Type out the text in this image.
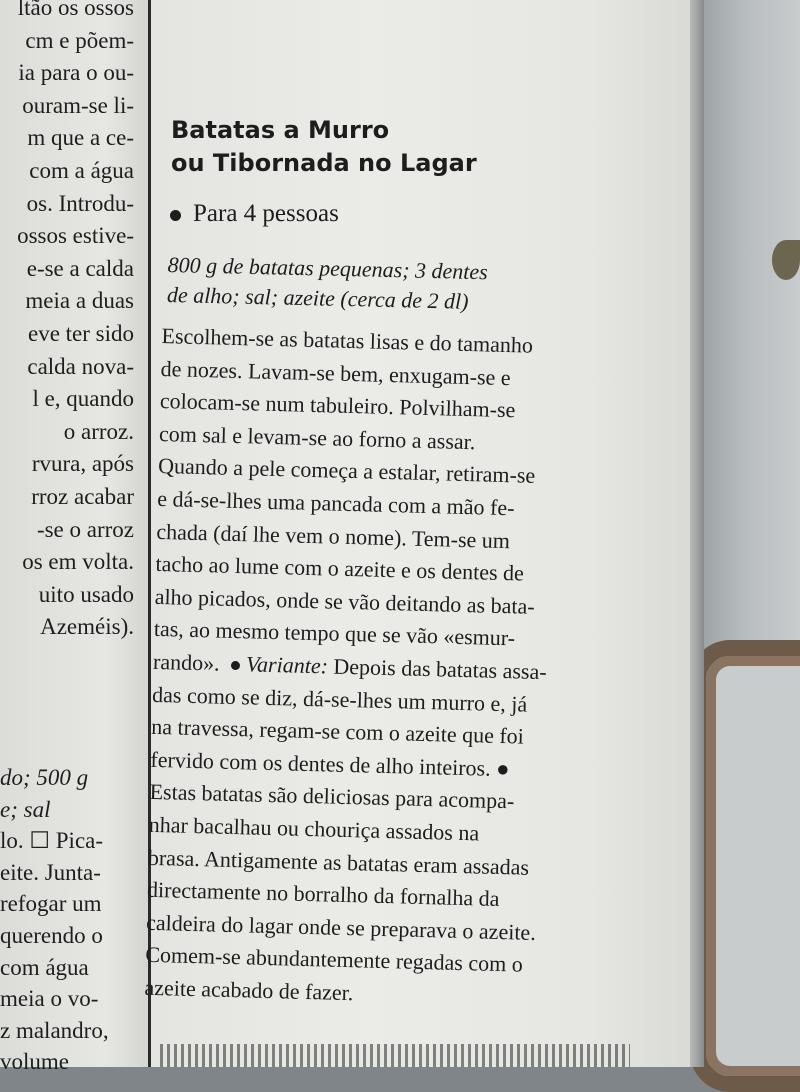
ltão os ossos
cm e põem-
ia para o ou-
ouram-se li-
m que a ce-
com a água
os. Introdu-
ossos estive-
e-se a calda
meia a duas
eve ter sido
calda nova-
l e, quando
o arroz.
rvura, após
rroz acabar
-se o arroz
os em volta.
uito usado
Azeméis).
do; 500 g
e; sal
lo. ☐ Pica-
eite. Junta-
refogar um
querendo o
com água
meia o vo-
z malandro,
volume
Batatas a Murro
ou Tibornada no Lagar
Para 4 pessoas
800 g de batatas pequenas; 3 dentes
de alho; sal; azeite (cerca de 2 dl)
Escolhem-se as batatas lisas e do tamanho
de nozes. Lavam-se bem, enxugam-se e
colocam-se num tabuleiro. Polvilham-se
com sal e levam-se ao forno a assar.
Quando a pele começa a estalar, retiram-se
e dá-se-lhes uma pancada com a mão fe-
chada (daí lhe vem o nome). Tem-se um
tacho ao lume com o azeite e os dentes de
alho picados, onde se vão deitando as bata-
tas, ao mesmo tempo que se vão «esmur-
rando». Variante: Depois das batatas assa-
das como se diz, dá-se-lhes um murro e, já
na travessa, regam-se com o azeite que foi
fervido com os dentes de alho inteiros. ●
Estas batatas são deliciosas para acompa-
nhar bacalhau ou chouriça assados na
brasa. Antigamente as batatas eram assadas
directamente no borralho da fornalha da
caldeira do lagar onde se preparava o azeite.
Comem-se abundantemente regadas com o
azeite acabado de fazer.
